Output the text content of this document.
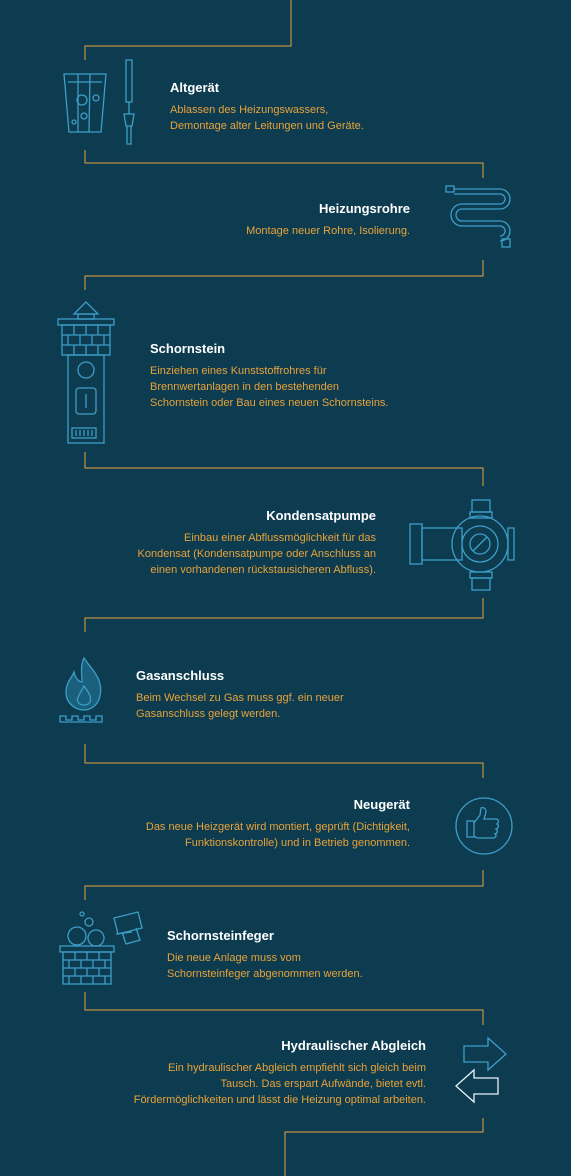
Altgerät

Ablassen des Heizungswassers,
Demontage alter Leitungen und Geräte.

Heizungsrohre

Montage neuer Rohre, Isolierung.

Schornstein

Einziehen eines Kunststoffrohres für
Brennwertanlagen in den bestehenden
Schornstein oder Bau eines neuen Schornsteins.

Kondensatpumpe

Einbau einer Abflussmöglichkeit für das
Kondensat (Kondensatpumpe oder Anschluss an
einen vorhandenen rückstausicheren Abfluss).

Gasanschluss

Beim Wechsel zu Gas muss ggf. ein neuer
Gasanschluss gelegt werden.

Neugerät

Das neue Heizgerät wird montiert, geprüft (Dichtigkeit,
Funktionskontrolle) und in Betrieb genommen.

Schornsteinfeger

Die neue Anlage muss vom
Schornsteinfeger abgenommen werden.

Hydraulischer Abgleich

Ein hydraulischer Abgleich empfiehlt sich gleich beim
Tausch. Das erspart Aufwände, bietet evtl.
Fördermöglichkeiten und lässt die Heizung optimal arbeiten.
